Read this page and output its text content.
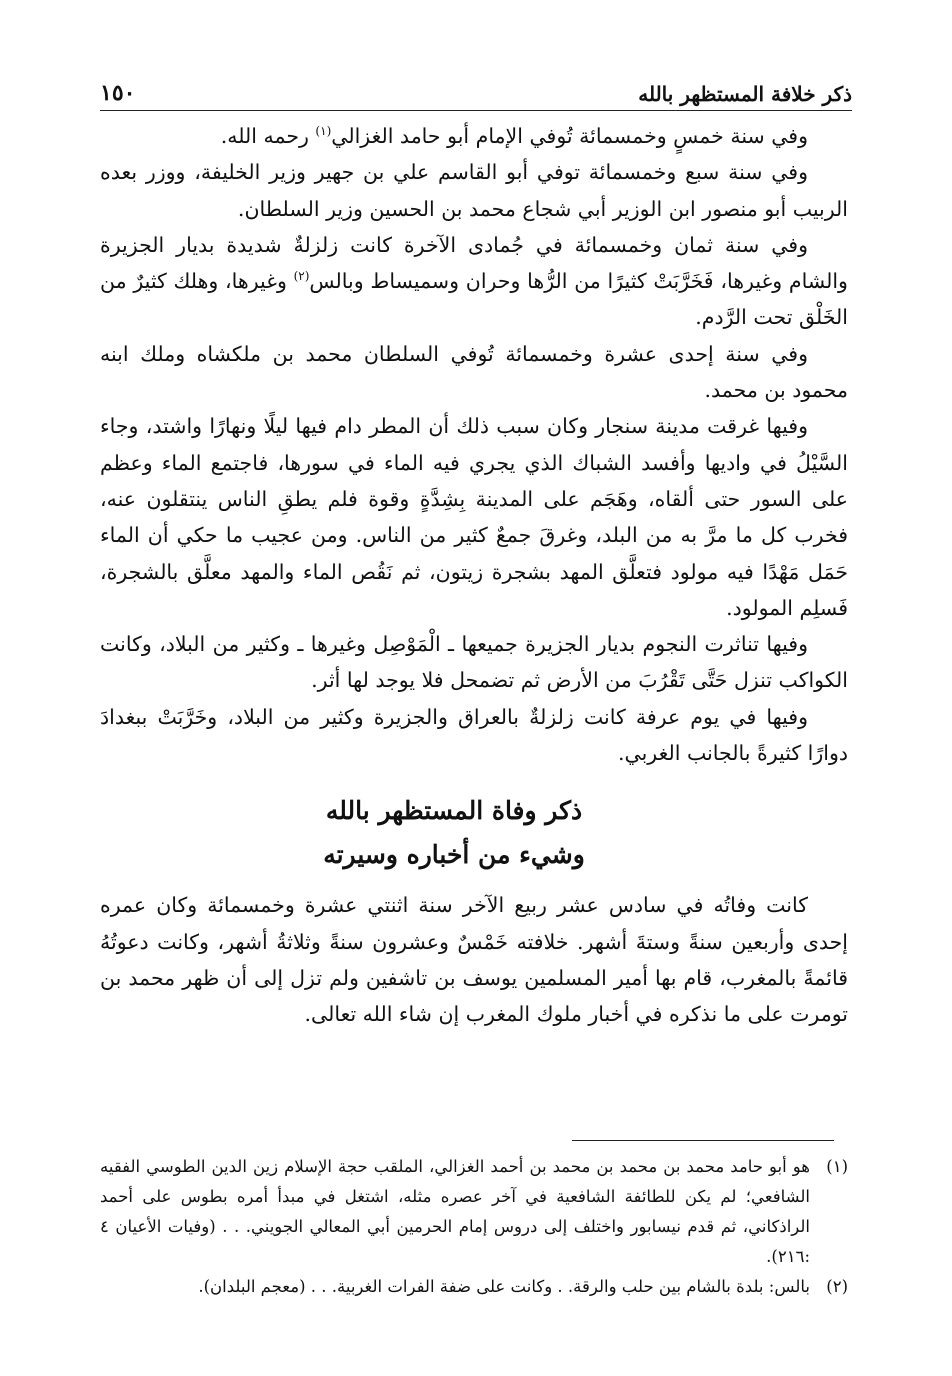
١٥٠	ذكر خلافة المستظهر بالله

وفي سنة خمسٍ وخمسمائة تُوفي الإمام أبو حامد الغزالي$^{(١)}$ رحمه الله.

وفي سنة سبع وخمسمائة توفي أبو القاسم علي بن جهير وزير الخليفة، ووزر بعده الربيب أبو منصور ابن الوزير أبي شجاع محمد بن الحسين وزير السلطان.

وفي سنة ثمان وخمسمائة في جُمادى الآخرة كانت زلزلةٌ شديدة بديار الجزيرة والشام وغيرها، فَخَرَّبَتْ كثيرًا من الرُّها وحران وسميساط وبالس$^{(٢)}$ وغيرها، وهلك كثيرٌ من الخَلْق تحت الرَّدم.

وفي سنة إحدى عشرة وخمسمائة تُوفي السلطان محمد بن ملكشاه وملك ابنه محمود بن محمد.

وفيها غرقت مدينة سنجار وكان سبب ذلك أن المطر دام فيها ليلًا ونهارًا واشتد، وجاء السَّيْلُ في واديها وأفسد الشباك الذي يجري فيه الماء في سورها، فاجتمع الماء وعظم على السور حتى ألقاه، وهَجَم على المدينة بِشِدَّةٍ وقوة فلم يطقِ الناس ينتقلون عنه، فخرب كل ما مرَّ به من البلد، وغرقَ جمعٌ كثير من الناس. ومن عجيب ما حكي أن الماء حَمَل مَهْدًا فيه مولود فتعلَّق المهد بشجرة زيتون، ثم نَقُص الماء والمهد معلَّق بالشجرة، فَسلِم المولود.

وفيها تناثرت النجوم بديار الجزيرة جميعها ـ الْمَوْصِل وغيرها ـ وكثير من البلاد، وكانت الكواكب تنزل حَتَّى تَقْرُبَ من الأرض ثم تضمحل فلا يوجد لها أثر.

وفيها في يوم عرفة كانت زلزلةٌ بالعراق والجزيرة وكثير من البلاد، وخَرَّبَتْ ببغدادَ دوارًا كثيرةً بالجانب الغربي.

ذكر وفاة المستظهر بالله

وشيء من أخباره وسيرته

كانت وفاتُه في سادس عشر ربيع الآخر سنة اثنتي عشرة وخمسمائة وكان عمره إحدى وأربعين سنةً وستةَ أشهر. خلافته خَمْسٌ وعشرون سنةً وثلاثةُ أشهر، وكانت دعوتُهُ قائمةً بالمغرب، قام بها أمير المسلمين يوسف بن تاشفين ولم تزل إلى أن ظهر محمد بن تومرت على ما نذكره في أخبار ملوك المغرب إن شاء الله تعالى.

(١)
هو أبو حامد محمد بن محمد بن محمد بن أحمد الغزالي، الملقب حجة الإسلام زين الدين الطوسي الفقيه الشافعي؛ لم يكن للطائفة الشافعية في آخر عصره مثله، اشتغل في مبدأ أمره بطوس على أحمد الراذكاني، ثم قدم نيسابور واختلف إلى دروس إمام الحرمين أبي المعالي الجويني. . . (وفيات الأعيان ٤ :٢١٦).
(٢)
بالس: بلدة بالشام بين حلب والرقة. . وكانت على ضفة الفرات الغربية. . . (معجم البلدان).
